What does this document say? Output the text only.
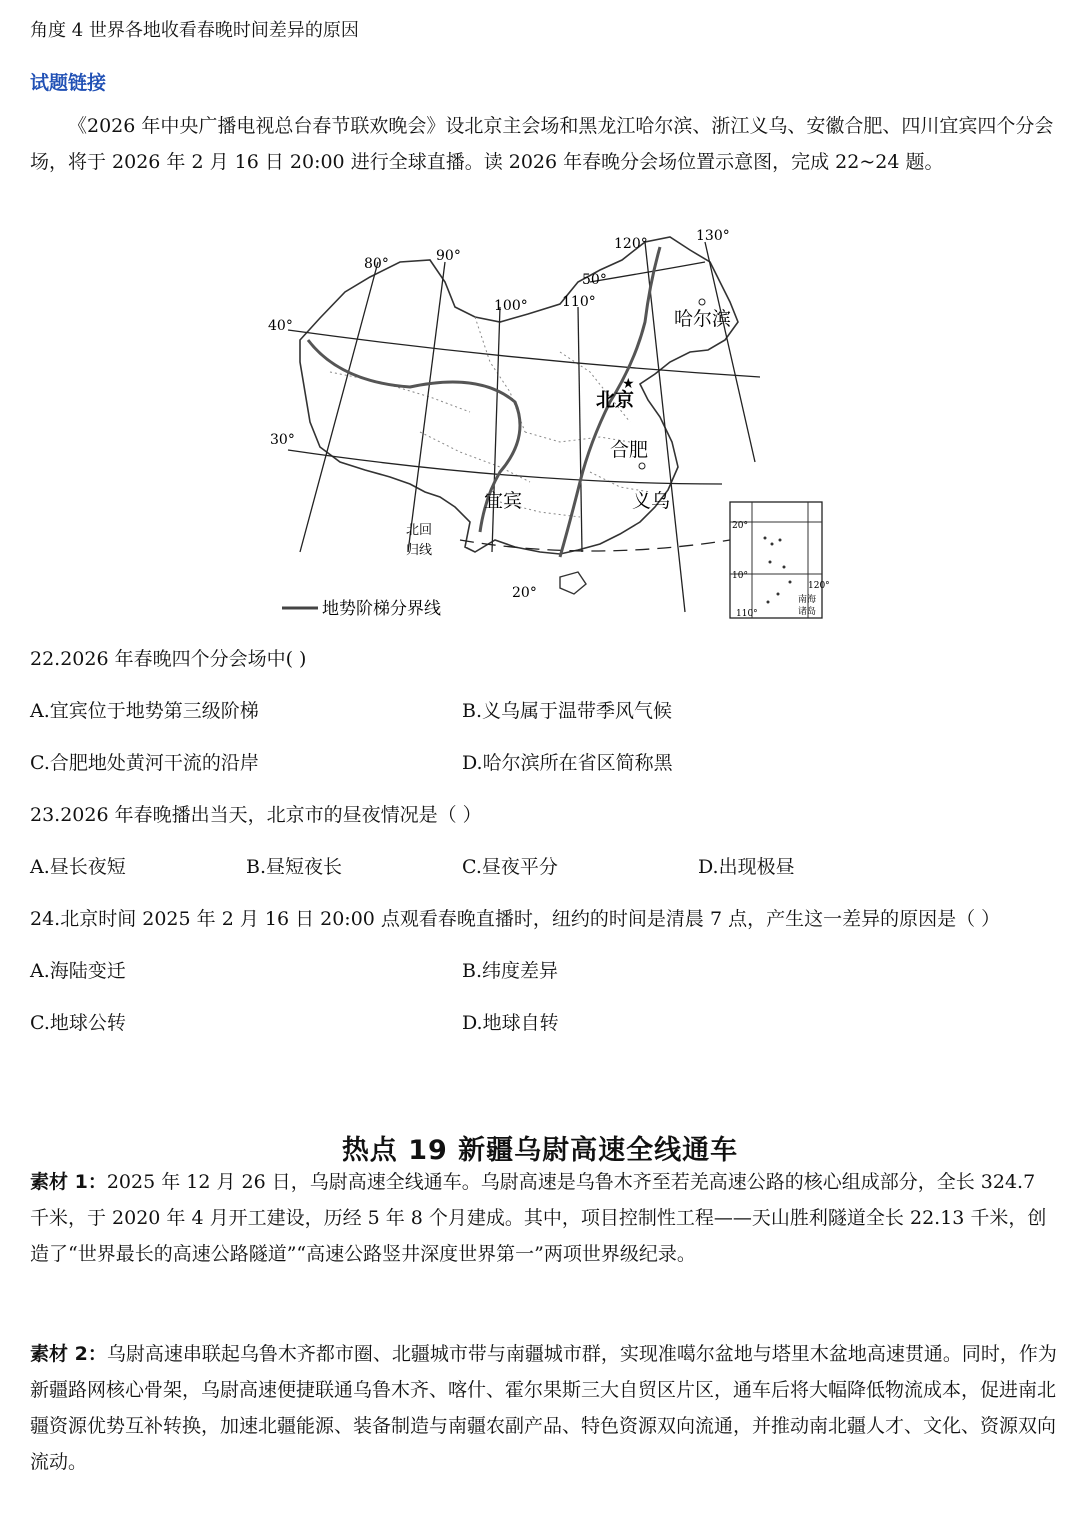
角度 4 世界各地收看春晚时间差异的原因
试题链接
《2026 年中央广播电视总台春节联欢晚会》设北京主会场和黑龙江哈尔滨、浙江义乌、安徽合肥、四川宜宾四个分会场，将于 2026 年 2 月 16 日 20:00 进行全球直播。读 2026 年春晚分会场位置示意图，完成 22~24 题。
80°	90°
100° 110°
120°	130°
40°
30°
50°
20°
哈尔滨
★
北京
合肥
宜宾	义乌
北回
归线
地势阶梯分界线
20°
10°
110°
120°
南海
诸岛
22.2026 年春晚四个分会场中( )
A.宜宾位于地势第三级阶梯	B.义乌属于温带季风气候
C.合肥地处黄河干流的沿岸	D.哈尔滨所在省区简称黑
23.2026 年春晚播出当天，北京市的昼夜情况是（ ）
A.昼长夜短	B.昼短夜长	C.昼夜平分	D.出现极昼
24.北京时间 2025 年 2 月 16 日 20:00 点观看春晚直播时，纽约的时间是清晨 7 点，产生这一差异的原因是（ ）
A.海陆变迁	B.纬度差异
C.地球公转	D.地球自转
热点 19 新疆乌尉高速全线通车
素材 1：2025 年 12 月 26 日，乌尉高速全线通车。乌尉高速是乌鲁木齐至若羌高速公路的核心组成部分，全长 324.7 千米，于 2020 年 4 月开工建设，历经 5 年 8 个月建成。其中，项目控制性工程——天山胜利隧道全长 22.13 千米，创造了“世界最长的高速公路隧道”“高速公路竖井深度世界第一”两项世界级纪录。
素材 2：乌尉高速串联起乌鲁木齐都市圈、北疆城市带与南疆城市群，实现准噶尔盆地与塔里木盆地高速贯通。同时，作为新疆路网核心骨架，乌尉高速便捷联通乌鲁木齐、喀什、霍尔果斯三大自贸区片区，通车后将大幅降低物流成本，促进南北疆资源优势互补转换，加速北疆能源、装备制造与南疆农副产品、特色资源双向流通，并推动南北疆人才、文化、资源双向流动。
